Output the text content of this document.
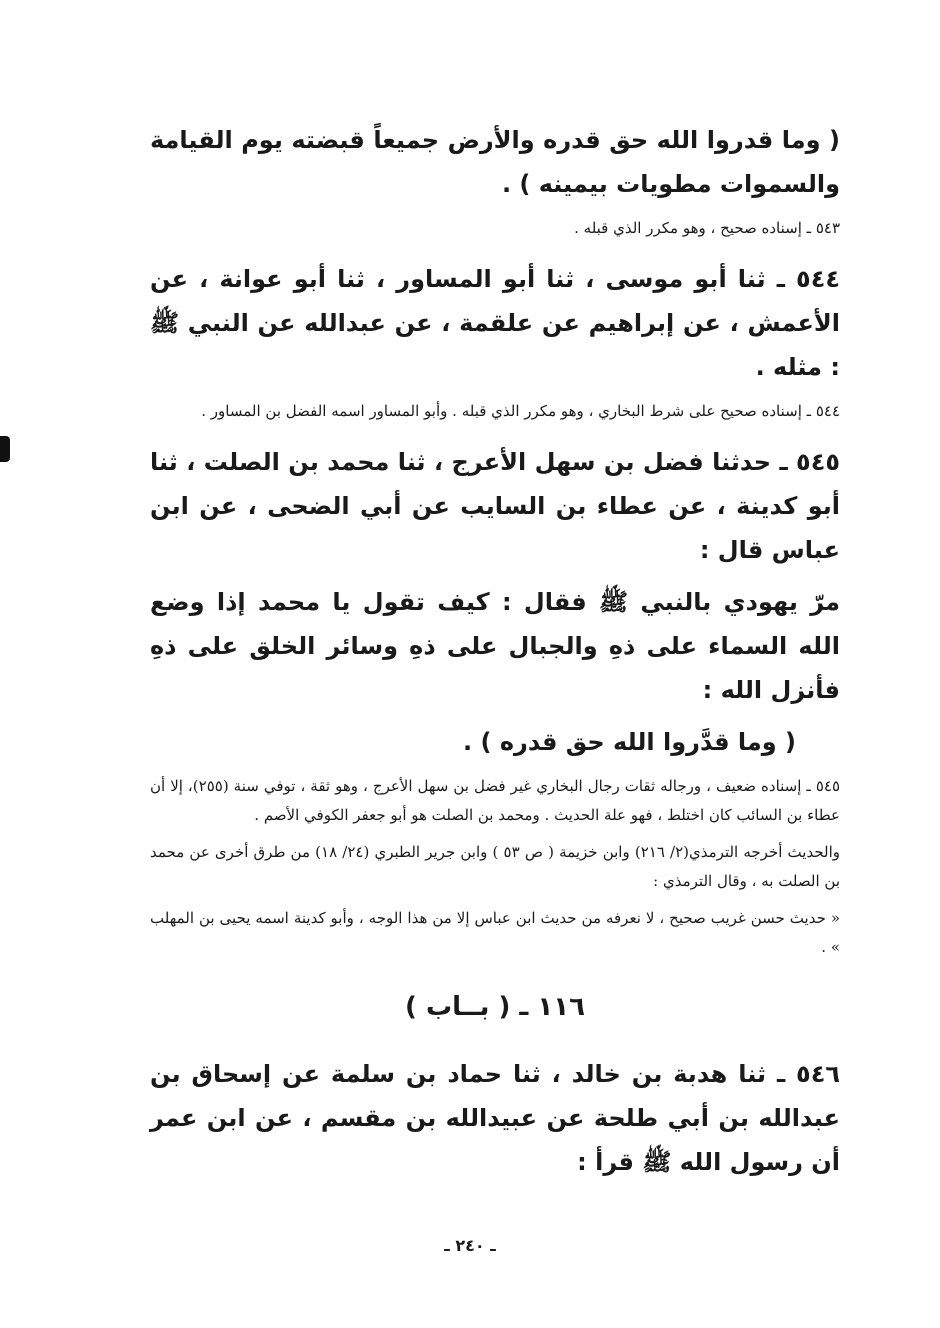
( وما قدروا الله حق قدره والأرض جميعاً قبضته يوم القيامة والسموات مطويات بيمينه ) .

٥٤٣ ـ إسناده صحيح ، وهو مكرر الذي قبله .

٥٤٤ ـ ثنا أبو موسى ، ثنا أبو المساور ، ثنا أبو عوانة ، عن الأعمش ، عن إبراهيم عن علقمة ، عن عبدالله عن النبي ﷺ : مثله .

٥٤٤ ـ إسناده صحيح على شرط البخاري ، وهو مكرر الذي قبله . وأبو المساور اسمه الفضل بن المساور .

٥٤٥ ـ حدثنا فضل بن سهل الأعرج ، ثنا محمد بن الصلت ، ثنا أبو كدينة ، عن عطاء بن السايب عن أبي الضحى ، عن ابن عباس قال :

مرّ يهودي بالنبي ﷺ فقال : كيف تقول يا محمد إذا وضع الله السماء على ذهِ والجبال على ذهِ وسائر الخلق على ذهِ فأنزل الله :

( وما قدَّروا الله حق قدره ) .

٥٤٥ ـ إسناده ضعيف ، ورجاله ثقات رجال البخاري غير فضل بن سهل الأعرج ، وهو ثقة ، توفي سنة (٢٥٥)، إلا أن عطاء بن السائب كان اختلط ، فهو علة الحديث . ومحمد بن الصلت هو أبو جعفر الكوفي الأصم .

والحديث أخرجه الترمذي(٢/ ٢١٦) وابن خزيمة ( ص ٥٣ ) وابن جرير الطبري (٢٤/ ١٨) من طرق أخرى عن محمد بن الصلت به ، وقال الترمذي :

« حديث حسن غريب صحيح ، لا نعرفه من حديث ابن عباس إلا من هذا الوجه ، وأبو كدينة اسمه يحيى بن المهلب » .

١١٦ ـ ( بــاب )

٥٤٦ ـ ثنا هدبة بن خالد ، ثنا حماد بن سلمة عن إسحاق بن عبدالله بن أبي طلحة عن عبيدالله بن مقسم ، عن ابن عمر أن رسول الله ﷺ قرأ :

ـ ٢٤٠ ـ
